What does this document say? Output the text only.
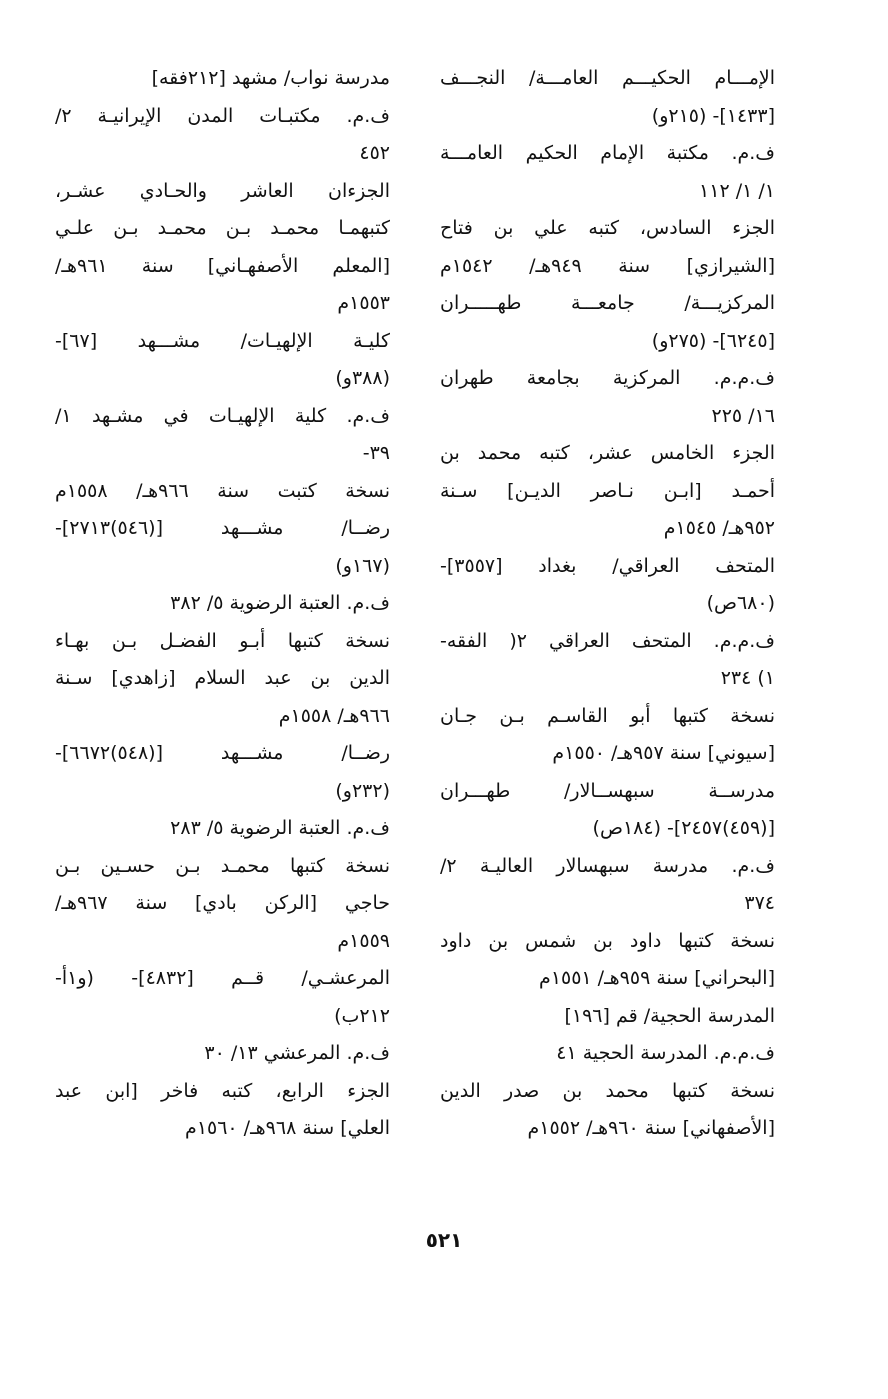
الإمـــام الحكيـــم العامـــة/ النجـــف
[١٤٣٣]- (٢١٥و)
ف.م. مكتبة الإمام الحكيم العامـــة
١/ ١/ ١١٢
الجزء السادس، كتبه علي بن فتاح
[الشيرازي] سنة ٩٤٩هـ/ ١٥٤٢م
المركزيـــة/ جامعـــة طهـــــران
[٦٢٤٥]- (٢٧٥و)
ف.م.م. المركزية بجامعة طهران
١٦/ ٢٢٥
الجزء الخامس عشر، كتبه محمد بن
أحمـد [ابـن نـاصر الديـن] سـنة
٩٥٢هـ/ ١٥٤٥م
المتحف العراقي/ بغداد [٣٥٥٧]-
(٦٨٠ص)
ف.م.م. المتحف العراقي ٢( الفقه-
١) ٢٣٤
نسخة كتبها أبو القاسـم بـن جـان
[سيوني] سنة ٩٥٧هـ/ ١٥٥٠م
مدرســة سبهســالار/ طهـــران
[(٤٥٩)٢٤٥٧]- (١٨٤ص)
ف.م. مدرسة سبهسالار العاليـة ٢/
٣٧٤
نسخة كتبها داود بن شمس بن داود
[البحراني] سنة ٩٥٩هـ/ ١٥٥١م
المدرسة الحجية/ قم [١٩٦]
ف.م.م. المدرسة الحجية ٤١
نسخة كتبها محمد بن صدر الدين
[الأصفهاني] سنة ٩٦٠هـ/ ١٥٥٢م
مدرسة نواب/ مشهد [٢١٢فقه]
ف.م. مكتبـات المدن الإيرانيـة ٢/
٤٥٢
الجزءان العاشر والحـادي عشـر،
كتبهمـا محمـد بـن محمـد بـن علـي
[المعلم الأصفهـاني] سنة ٩٦١هـ/
١٥٥٣م
كليـة الإلهيـات/ مشـــهد [٦٧]-
(٣٨٨و)
ف.م. كلية الإلهيـات في مشـهد ١/
٣٩-
نسخة كتبت سنة ٩٦٦هـ/ ١٥٥٨م
رضــا/ مشـــهد [(٥٤٦)٢٧١٣]-
(١٦٧و)
ف.م. العتبة الرضوية ٥/ ٣٨٢
نسخة كتبها أبـو الفضـل بـن بهـاء
الدين بن عبد السلام [زاهدي] سـنة
٩٦٦هـ/ ١٥٥٨م
رضــا/ مشـــهد [(٥٤٨)٦٦٧٢]-
(٢٣٢و)
ف.م. العتبة الرضوية ٥/ ٢٨٣
نسخة كتبها محمـد بـن حسـين بـن
حاجي [الركن بادي] سنة ٩٦٧هـ/
١٥٥٩م
المرعشـي/ قــم [٤٨٣٢]- (و١أ-
٢١٢ب)
ف.م. المرعشي ١٣/ ٣٠
الجزء الرابع، كتبه فاخر [ابن عبد
العلي] سنة ٩٦٨هـ/ ١٥٦٠م
٥٢١
